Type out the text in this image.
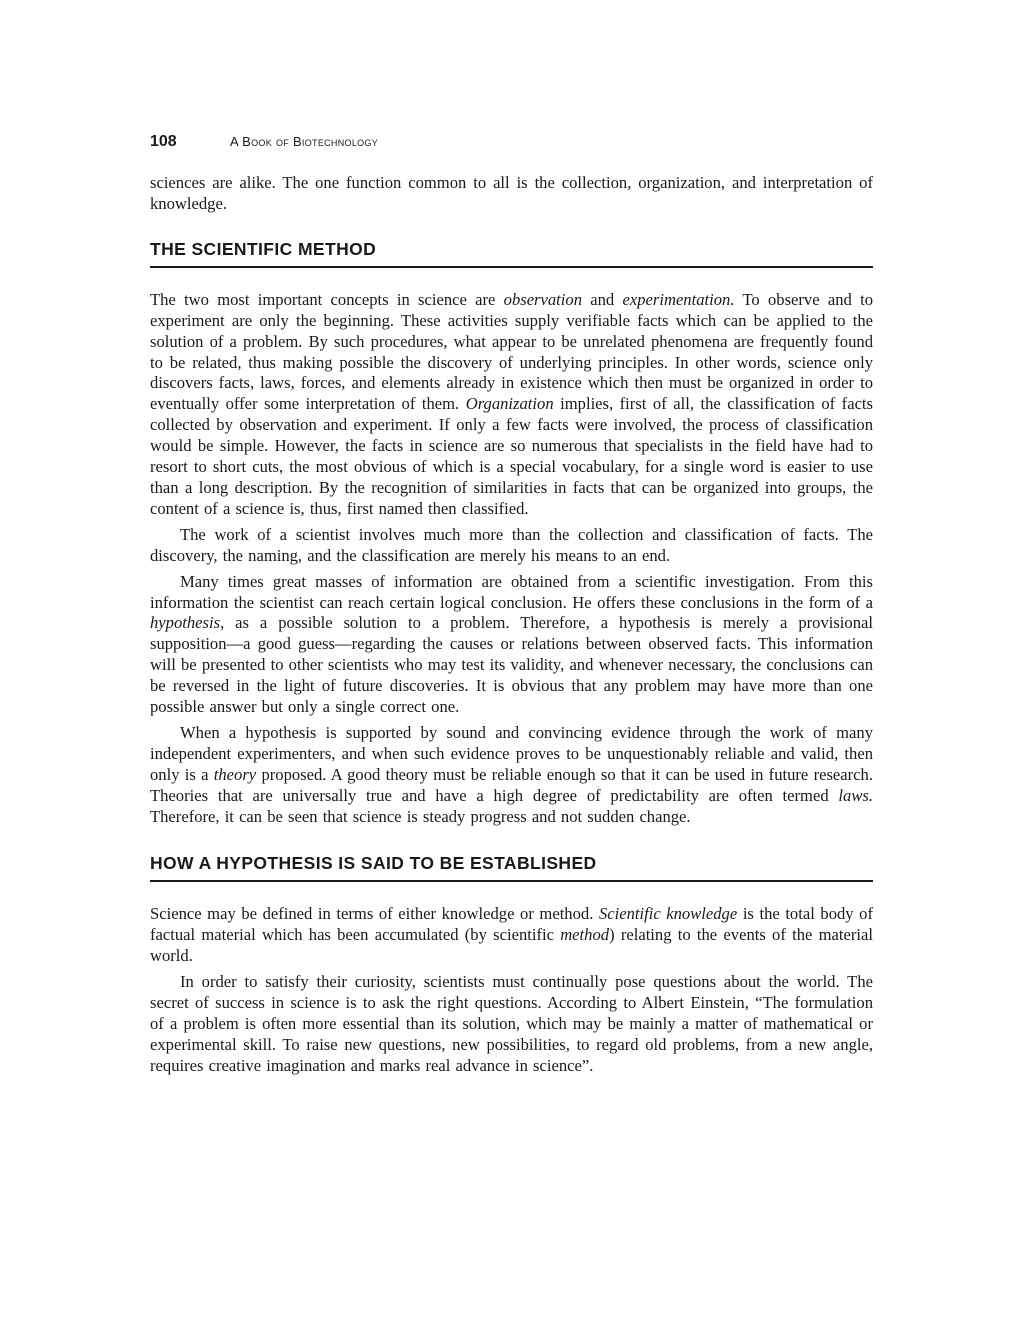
108	A Book of Biotechnology

sciences are alike. The one function common to all is the collection, organization, and interpretation of knowledge.

THE SCIENTIFIC METHOD

The two most important concepts in science are observation and experimentation. To observe and to experiment are only the beginning. These activities supply verifiable facts which can be applied to the solution of a problem. By such procedures, what appear to be unrelated phenomena are frequently found to be related, thus making possible the discovery of underlying principles. In other words, science only discovers facts, laws, forces, and elements already in existence which then must be organized in order to eventually offer some interpretation of them. Organization implies, first of all, the classification of facts collected by observation and experiment. If only a few facts were involved, the process of classification would be simple. However, the facts in science are so numerous that specialists in the field have had to resort to short cuts, the most obvious of which is a special vocabulary, for a single word is easier to use than a long description. By the recognition of similarities in facts that can be organized into groups, the content of a science is, thus, first named then classified.

The work of a scientist involves much more than the collection and classification of facts. The discovery, the naming, and the classification are merely his means to an end.

Many times great masses of information are obtained from a scientific investigation. From this information the scientist can reach certain logical conclusion. He offers these conclusions in the form of a hypothesis, as a possible solution to a problem. Therefore, a hypothesis is merely a provisional supposition—a good guess—regarding the causes or relations between observed facts. This information will be presented to other scientists who may test its validity, and whenever necessary, the conclusions can be reversed in the light of future discoveries. It is obvious that any problem may have more than one possible answer but only a single correct one.

When a hypothesis is supported by sound and convincing evidence through the work of many independent experimenters, and when such evidence proves to be unquestionably reliable and valid, then only is a theory proposed. A good theory must be reliable enough so that it can be used in future research. Theories that are universally true and have a high degree of predictability are often termed laws. Therefore, it can be seen that science is steady progress and not sudden change.

HOW A HYPOTHESIS IS SAID TO BE ESTABLISHED

Science may be defined in terms of either knowledge or method. Scientific knowledge is the total body of factual material which has been accumulated (by scientific method) relating to the events of the material world.

In order to satisfy their curiosity, scientists must continually pose questions about the world. The secret of success in science is to ask the right questions. According to Albert Einstein, “The formulation of a problem is often more essential than its solution, which may be mainly a matter of mathematical or experimental skill. To raise new questions, new possibilities, to regard old problems, from a new angle, requires creative imagination and marks real advance in science”.
